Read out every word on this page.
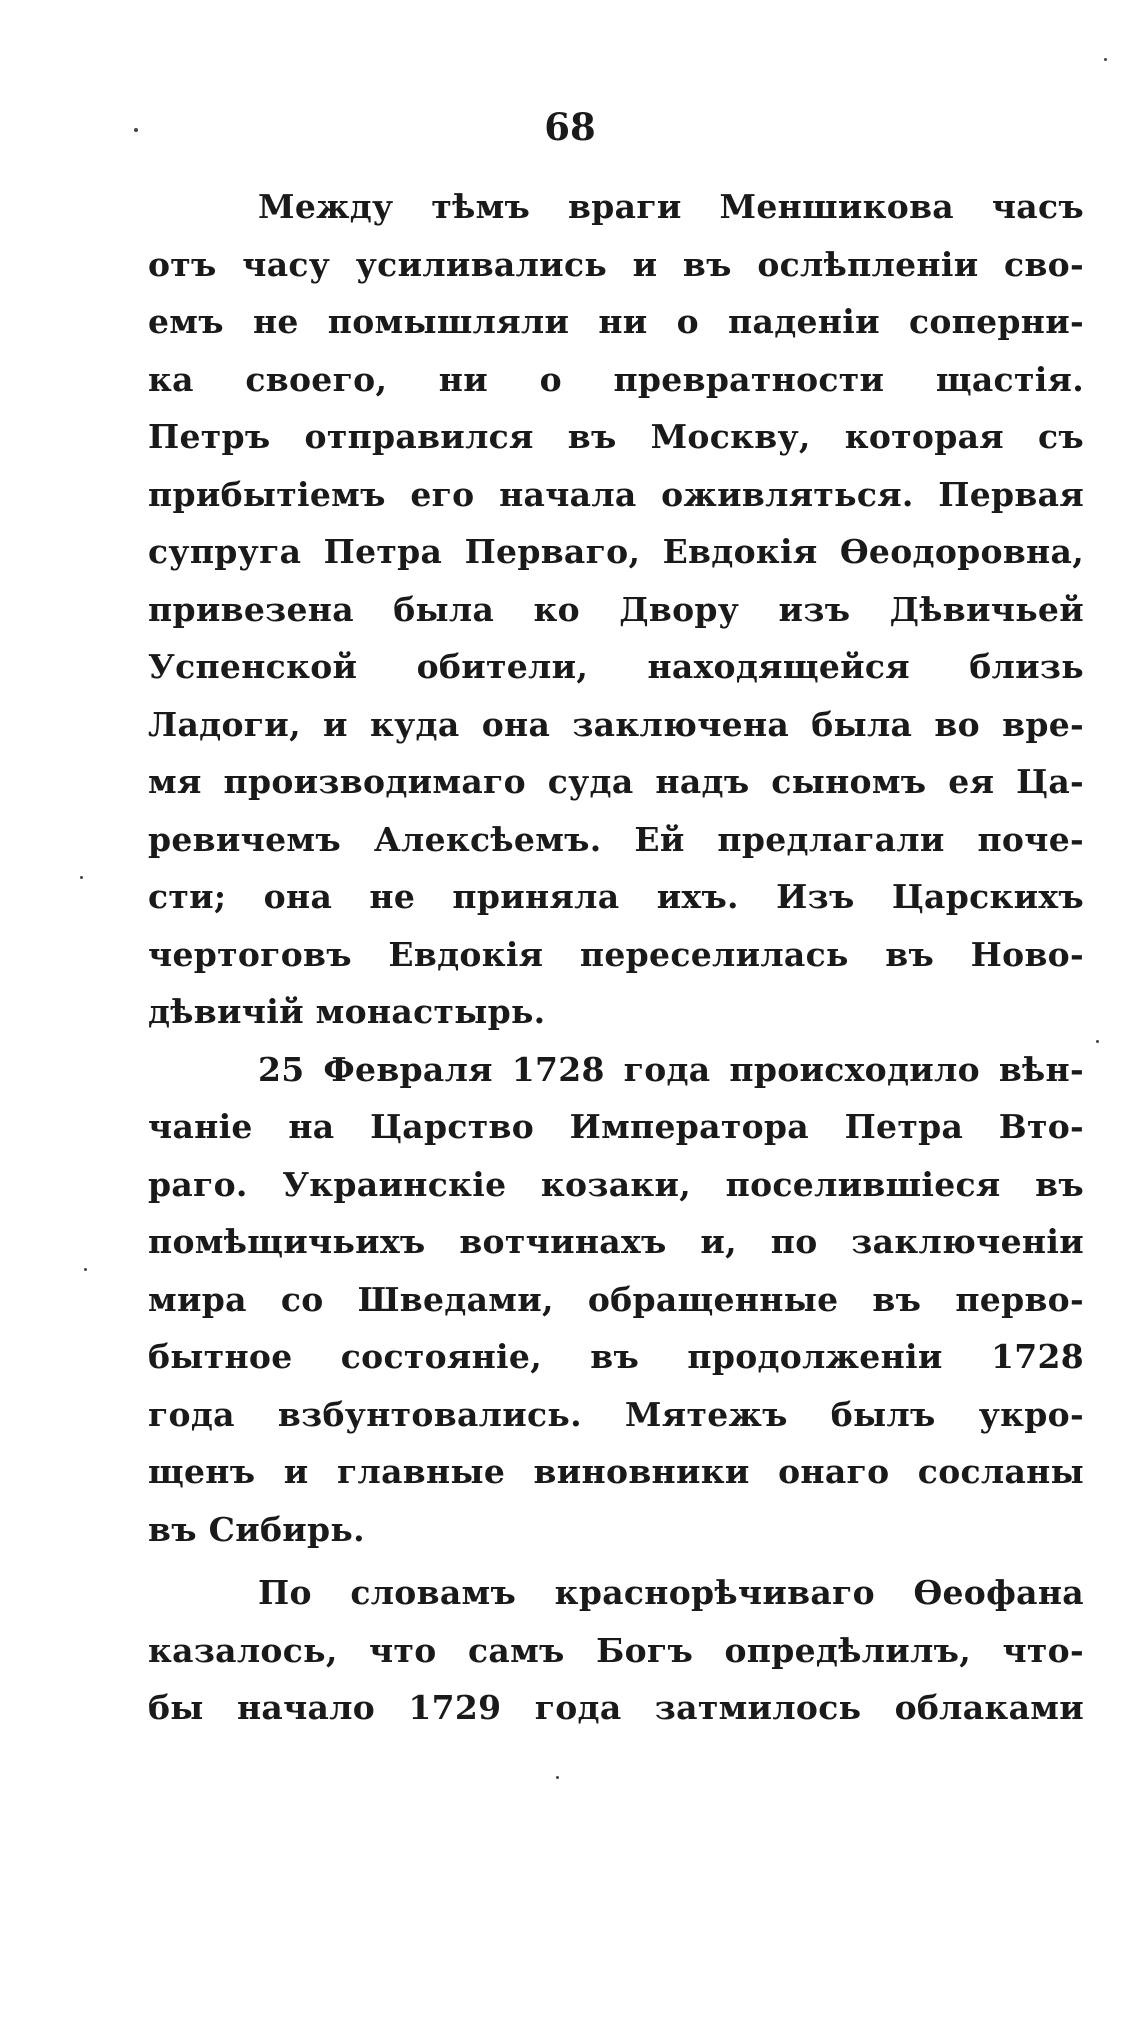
68
Между тѣмъ враги Меншикова часъ
отъ часу усиливались и въ ослѣпленіи сво-
емъ не помышляли ни о паденіи соперни-
ка своего, ни о превратности щастія.
Петръ отправился въ Москву, которая съ
прибытіемъ его начала оживляться. Первая
супруга Петра Перваго, Евдокія Өеодоровна,
привезена была ко Двору изъ Дѣвичьей
Успенской обители, находящейся близь
Ладоги, и куда она заключена была во вре-
мя производимаго суда надъ сыномъ ея Ца-
ревичемъ Алексѣемъ. Ей предлагали поче-
сти; она не приняла ихъ. Изъ Царскихъ
чертоговъ Евдокія переселилась въ Ново-
дѣвичій монастырь.
25 Февраля 1728 года происходило вѣн-
чаніе на Царство Императора Петра Вто-
раго. Украинскіе козаки, поселившіеся въ
помѣщичьихъ вотчинахъ и, по заключеніи
мира со Шведами, обращенные въ перво-
бытное состояніе, въ продолженіи 1728
года взбунтовались. Мятежъ былъ укро-
щенъ и главные виновники онаго сосланы
въ Сибирь.
По словамъ краснорѣчиваго Өеофана
казалось, что самъ Богъ опредѣлилъ, что-
бы начало 1729 года затмилось облаками
